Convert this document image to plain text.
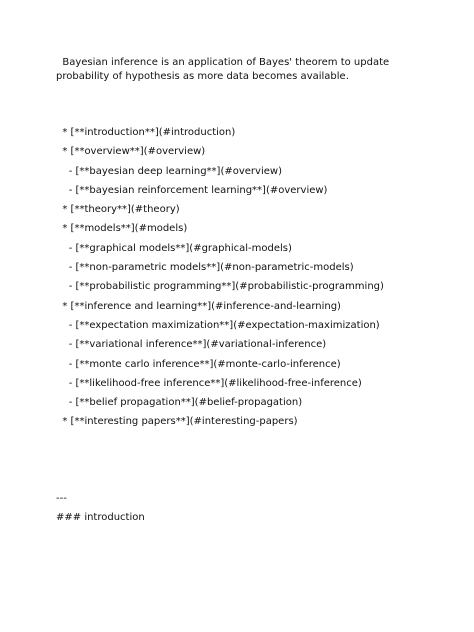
Bayesian inference is an application of Bayes' theorem to update probability of hypothesis as more data becomes available.
* [**introduction**](#introduction)
* [**overview**](#overview)
- [**bayesian deep learning**](#overview)
- [**bayesian reinforcement learning**](#overview)
* [**theory**](#theory)
* [**models**](#models)
- [**graphical models**](#graphical-models)
- [**non-parametric models**](#non-parametric-models)
- [**probabilistic programming**](#probabilistic-programming)
* [**inference and learning**](#inference-and-learning)
- [**expectation maximization**](#expectation-maximization)
- [**variational inference**](#variational-inference)
- [**monte carlo inference**](#monte-carlo-inference)
- [**likelihood-free inference**](#likelihood-free-inference)
- [**belief propagation**](#belief-propagation)
* [**interesting papers**](#interesting-papers)
---
### introduction
